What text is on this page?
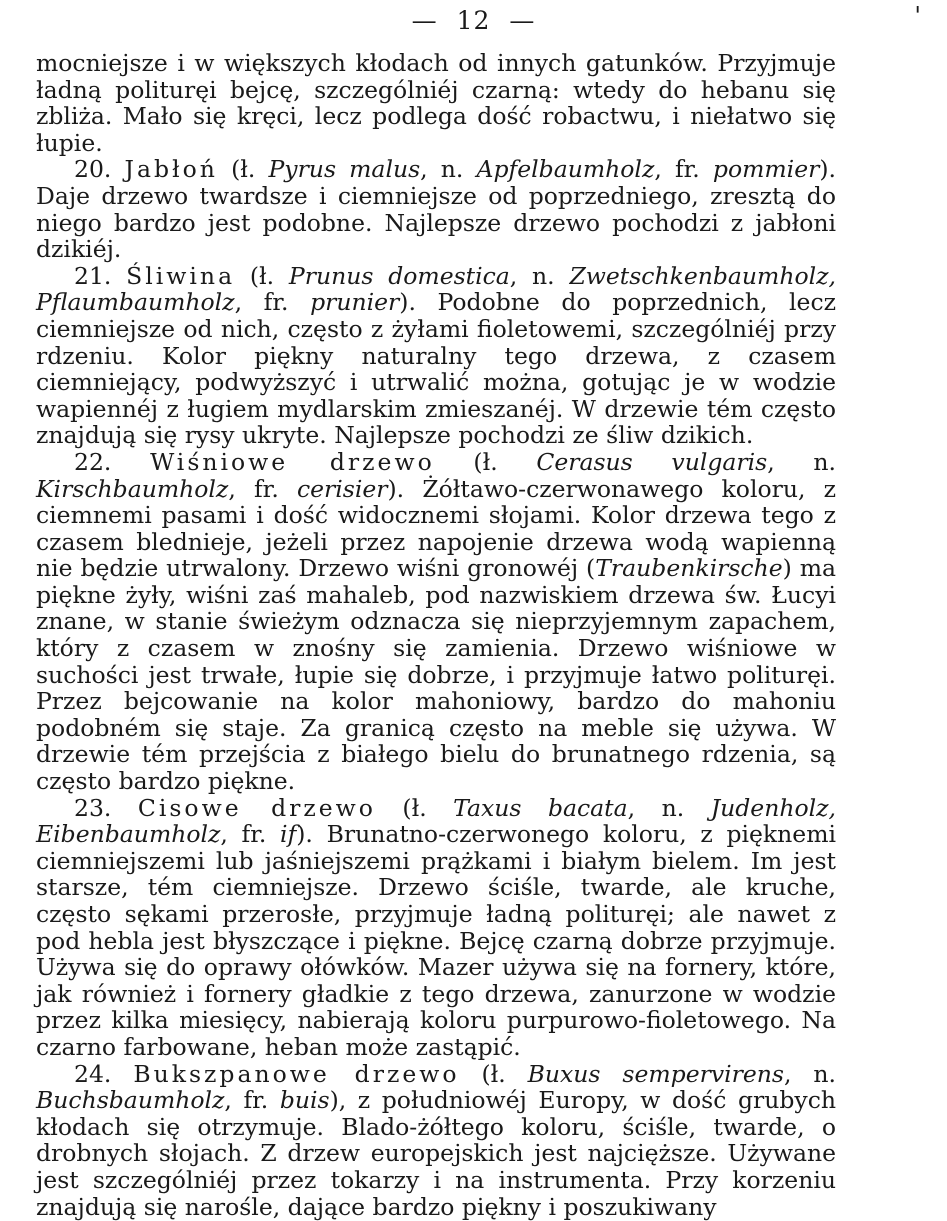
— 12 —	'

mocniejsze i w większych kłodach od innych gatunków. Przyjmuje ładną polituręi bejcę, szczególniéj czarną: wtedy do hebanu się zbliża. Mało się kręci, lecz podlega dość robactwu, i niełatwo się łupie.

20. Jabłoń (ł. Pyrus malus, n. Apfelbaumholz, fr. pommier). Daje drzewo twardsze i ciemniejsze od poprzedniego, zresztą do niego bardzo jest podobne. Najlepsze drzewo pochodzi z jabłoni dzikiéj.

21. Śliwina (ł. Prunus domestica, n. Zwetschkenbaumholz, Pflaumbaumholz, fr. prunier). Podobne do poprzednich, lecz ciemniejsze od nich, często z żyłami fioletowemi, szczególniéj przy rdzeniu. Kolor piękny naturalny tego drzewa, z czasem ciemniejący, podwyższyć i utrwalić można, gotując je w wodzie wapiennéj z ługiem mydlarskim zmieszanéj. W drzewie tém często znajdują się rysy ukryte. Najlepsze pochodzi ze śliw dzikich.

22. Wiśniowe drzewo (ł. Cerasus vulgaris, n. Kirschbaumholz, fr. cerisier). Żółtawo-czerwonawego koloru, z ciemnemi pasami i dość widocznemi słojami. Kolor drzewa tego z czasem blednieje, jeżeli przez napojenie drzewa wodą wapienną nie będzie utrwalony. Drzewo wiśni gronowéj (Traubenkirsche) ma piękne żyły, wiśni zaś mahaleb, pod nazwiskiem drzewa św. Łucyi znane, w stanie świeżym odznacza się nieprzyjemnym zapachem, który z czasem w znośny się zamienia. Drzewo wiśniowe w suchości jest trwałe, łupie się dobrze, i przyjmuje łatwo polituręi. Przez bejcowanie na kolor mahoniowy, bardzo do mahoniu podobném się staje. Za granicą często na meble się używa. W drzewie tém przejścia z białego bielu do brunatnego rdzenia, są często bardzo piękne.

23. Cisowe drzewo (ł. Taxus bacata, n. Judenholz, Eibenbaumholz, fr. if). Brunatno-czerwonego koloru, z pięknemi ciemniejszemi lub jaśniejszemi prążkami i białym bielem. Im jest starsze, tém ciemniejsze. Drzewo ściśle, twarde, ale kruche, często sękami przerosłe, przyjmuje ładną polituręi; ale nawet z pod hebla jest błyszczące i piękne. Bejcę czarną dobrze przyjmuje. Używa się do oprawy ołówków. Mazer używa się na fornery, które, jak również i fornery gładkie z tego drzewa, zanurzone w wodzie przez kilka miesięcy, nabierają koloru purpurowo-fioletowego. Na czarno farbowane, heban może zastąpić.

24. Bukszpanowe drzewo (ł. Buxus sempervirens, n. Buchsbaumholz, fr. buis), z południowéj Europy, w dość grubych kłodach się otrzymuje. Blado-żółtego koloru, ściśle, twarde, o drobnych słojach. Z drzew europejskich jest najcięższe. Używane jest szczególniéj przez tokarzy i na instrumenta. Przy korzeniu znajdują się narośle, dające bardzo piękny i poszukiwany
